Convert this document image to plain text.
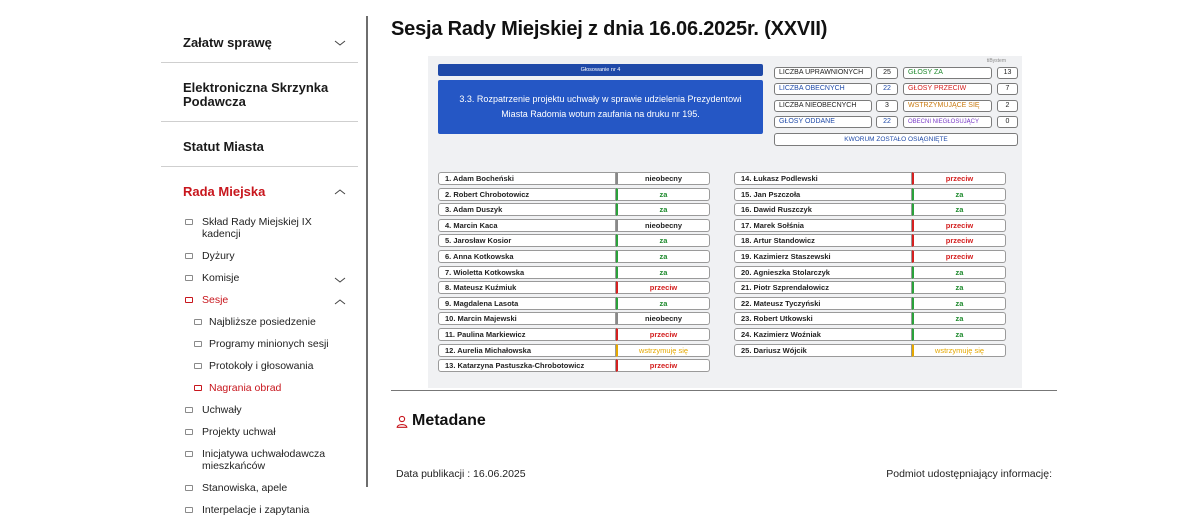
Załatw sprawę
Elektroniczna Skrzynka Podawcza
Statut Miasta
Rada Miejska
Skład Rady Miejskiej IX kadencji
Dyżury
Komisje
Sesje
Najbliższe posiedzenie
Programy minionych sesji
Protokoły i głosowania
Nagrania obrad
Uchwały
Projekty uchwał
Inicjatywa uchwałodawcza mieszkańców
Stanowiska, apele
Interpelacje i zapytania
Sesja Rady Miejskiej z dnia 16.06.2025r. (XXVII)
tiBystem
Głosowanie nr 4
3.3. Rozpatrzenie projektu uchwały w sprawie udzielenia Prezydentowi Miasta Radomia wotum zaufania na druku nr 195.
LICZBA UPRAWNIONYCH	25
LICZBA OBECNYCH	22
LICZBA NIEOBECNYCH	3
GŁOSY ODDANE	22
GŁOSY ZA	13
GŁOSY PRZECIW	7
WSTRZYMUJĄCE SIĘ	2
OBECNI NIEGŁOSUJĄCY	0
KWORUM ZOSTAŁO OSIĄGNIĘTE
1. Adam Bocheński	nieobecny
2. Robert Chrobotowicz	za
3. Adam Duszyk	za
4. Marcin Kaca	nieobecny
5. Jarosław Kosior	za
6. Anna Kotkowska	za
7. Wioletta Kotkowska	za
8. Mateusz Kuźmiuk	przeciw
9. Magdalena Lasota	za
10. Marcin Majewski	nieobecny
11. Paulina Markiewicz	przeciw
12. Aurelia Michałowska	wstrzymuję się
13. Katarzyna Pastuszka-Chrobotowicz	przeciw
14. Łukasz Podlewski	przeciw
15. Jan Pszczoła	za
16. Dawid Ruszczyk	za
17. Marek Sołśnia	przeciw
18. Artur Standowicz	przeciw
19. Kazimierz Staszewski	przeciw
20. Agnieszka Stolarczyk	za
21. Piotr Szprendałowicz	za
22. Mateusz Tyczyński	za
23. Robert Utkowski	za
24. Kazimierz Woźniak	za
25. Dariusz Wójcik	wstrzymuję się
Metadane
Data publikacji : 16.06.2025	Podmiot udostępniający informację:
